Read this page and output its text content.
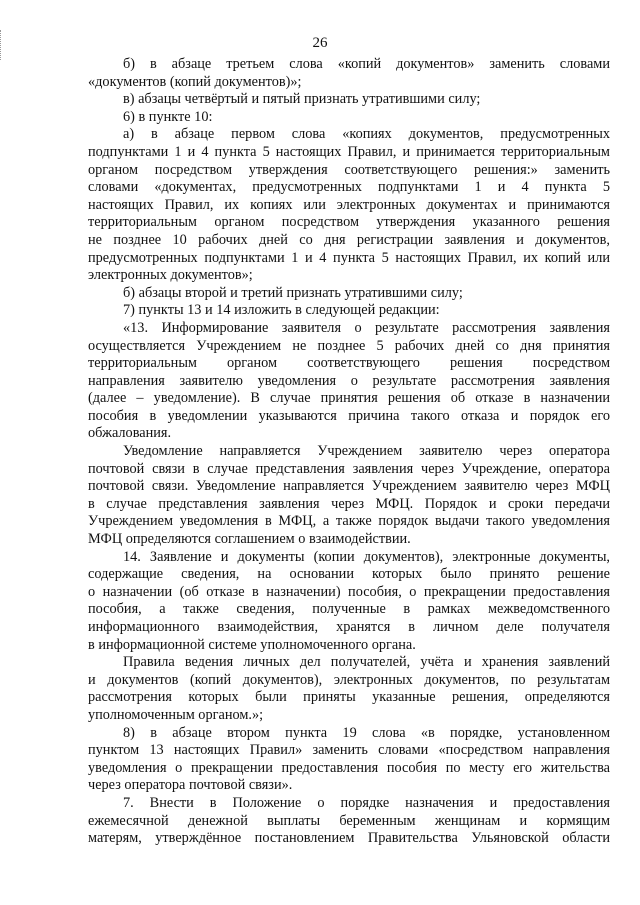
26
б) в абзаце третьем слова «копий документов» заменить словами
«документов (копий документов)»;
в) абзацы четвёртый и пятый признать утратившими силу;
6) в пункте 10:
а) в абзаце первом слова «копиях документов, предусмотренных
подпунктами 1 и 4 пункта 5 настоящих Правил, и принимается территориальным
органом посредством утверждения соответствующего решения:» заменить
словами «документах, предусмотренных подпунктами 1 и 4 пункта 5
настоящих Правил, их копиях или электронных документах и принимаются
территориальным органом посредством утверждения указанного решения
не позднее 10 рабочих дней со дня регистрации заявления и документов,
предусмотренных подпунктами 1 и 4 пункта 5 настоящих Правил, их копий или
электронных документов»;
б) абзацы второй и третий признать утратившими силу;
7) пункты 13 и 14 изложить в следующей редакции:
«13. Информирование заявителя о результате рассмотрения заявления
осуществляется Учреждением не позднее 5 рабочих дней со дня принятия
территориальным органом соответствующего решения посредством
направления заявителю уведомления о результате рассмотрения заявления
(далее – уведомление). В случае принятия решения об отказе в назначении
пособия в уведомлении указываются причина такого отказа и порядок его
обжалования.
Уведомление направляется Учреждением заявителю через оператора
почтовой связи в случае представления заявления через Учреждение, оператора
почтовой связи. Уведомление направляется Учреждением заявителю через МФЦ
в случае представления заявления через МФЦ. Порядок и сроки передачи
Учреждением уведомления в МФЦ, а также порядок выдачи такого уведомления
МФЦ определяются соглашением о взаимодействии.
14. Заявление и документы (копии документов), электронные документы,
содержащие сведения, на основании которых было принято решение
о назначении (об отказе в назначении) пособия, о прекращении предоставления
пособия, а также сведения, полученные в рамках межведомственного
информационного взаимодействия, хранятся в личном деле получателя
в информационной системе уполномоченного органа.
Правила ведения личных дел получателей, учёта и хранения заявлений
и документов (копий документов), электронных документов, по результатам
рассмотрения которых были приняты указанные решения, определяются
уполномоченным органом.»;
8) в абзаце втором пункта 19 слова «в порядке, установленном
пунктом 13 настоящих Правил» заменить словами «посредством направления
уведомления о прекращении предоставления пособия по месту его жительства
через оператора почтовой связи».
7. Внести в Положение о порядке назначения и предоставления
ежемесячной денежной выплаты беременным женщинам и кормящим
матерям, утверждённое постановлением Правительства Ульяновской области
